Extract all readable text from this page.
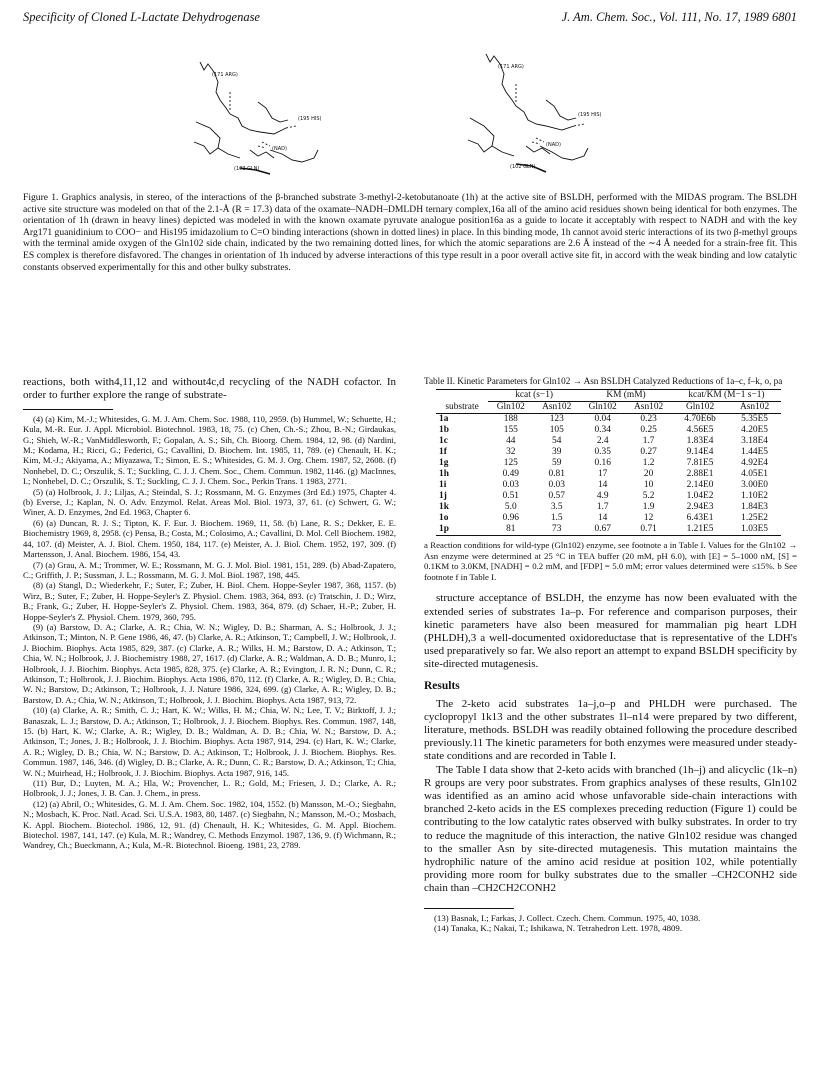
Specificity of Cloned L-Lactate Dehydrogenase	J. Am. Chem. Soc., Vol. 111, No. 17, 1989 6801
(171 ARG)
(195 HIS)
(102 GLN)
(NAD)
(171 ARG)
(195 HIS)
(102 GLN)
(NAD)
Figure 1. Graphics analysis, in stereo, of the interactions of the β-branched substrate 3-methyl-2-ketobutanoate (1h) at the active site of BSLDH, performed with the MIDAS program. The BSLDH active site structure was modeled on that of the 2.1-Å (R = 17.3) data of the oxamate–NADH–DMLDH ternary complex,16a all of the amino acid residues shown being identical for both enzymes. The orientation of 1h (drawn in heavy lines) depicted was modeled in with the known oxamate pyruvate analogue position16a as a guide to locate it acceptably with respect to NADH and with the key Arg171 guanidinium to COO− and His195 imidazolium to C=O binding interactions (shown in dotted lines) in place. In this binding mode, 1h cannot avoid steric interactions of its two β-methyl groups with the terminal amide oxygen of the Gln102 side chain, indicated by the two remaining dotted lines, for which the atomic separations are 2.6 Å instead of the ∼4 Å needed for a strain-free fit. This ES complex is therefore disfavored. The changes in orientation of 1h induced by adverse interactions of this type result in a poor overall active site fit, in accord with the weak binding and low catalytic constants observed experimentally for this and other bulky substrates.

reactions, both with4,11,12 and without4c,d recycling of the NADH cofactor. In order to further explore the range of substrate-

(4) (a) Kim, M.-J.; Whitesides, G. M. J. Am. Chem. Soc. 1988, 110, 2959. (b) Hummel, W.; Schuette, H.; Kula, M.-R. Eur. J. Appl. Microbiol. Biotechnol. 1983, 18, 75. (c) Chen, Ch.-S.; Zhou, B.-N.; Girdaukas, G.; Shieh, W.-R.; VanMiddlesworth, F.; Gopalan, A. S.; Sih, Ch. Bioorg. Chem. 1984, 12, 98. (d) Nardini, M.; Kodama, H.; Ricci, G.; Federici, G.; Cavallini, D. Biochem. Int. 1985, 11, 789. (e) Chenault, H. K.; Kim, M.-J.; Akiyama, A.; Miyazawa, T.; Simon, E. S.; Whitesides, G. M. J. Org. Chem. 1987, 52, 2608. (f) Nonhebel, D. C.; Orszulik, S. T.; Suckling, C. J. J. Chem. Soc., Chem. Commun. 1982, 1146. (g) MacInnes, I.; Nonhebel, D. C.; Orszulik, S. T.; Suckling, C. J. J. Chem. Soc., Perkin Trans. 1 1983, 2771.

(5) (a) Holbrook, J. J.; Liljas, A.; Steindal, S. J.; Rossmann, M. G. Enzymes (3rd Ed.) 1975, Chapter 4. (b) Everse, J.; Kaplan, N. O. Adv. Enzymol. Relat. Areas Mol. Biol. 1973, 37, 61. (c) Schwert, G. W.; Winer, A. D. Enzymes, 2nd Ed. 1963, Chapter 6.

(6) (a) Duncan, R. J. S.; Tipton, K. F. Eur. J. Biochem. 1969, 11, 58. (b) Lane, R. S.; Dekker, E. E. Biochemistry 1969, 8, 2958. (c) Pensa, B.; Costa, M.; Colosimo, A.; Cavallini, D. Mol. Cell Biochem. 1982, 44, 107. (d) Meister, A. J. Biol. Chem. 1950, 184, 117. (e) Meister, A. J. Biol. Chem. 1952, 197, 309. (f) Martensson, J. Anal. Biochem. 1986, 154, 43.

(7) (a) Grau, A. M.; Trommer, W. E.; Rossmann, M. G. J. Mol. Biol. 1981, 151, 289. (b) Abad-Zapatero, C.; Griffith, J. P.; Sussman, J. L.; Rossmann, M. G. J. Mol. Biol. 1987, 198, 445.

(8) (a) Stangl, D.; Wiederkehr, F.; Suter, F.; Zuber, H. Biol. Chem. Hoppe-Seyler 1987, 368, 1157. (b) Wirz, B.; Suter, F.; Zuber, H. Hoppe-Seyler's Z. Physiol. Chem. 1983, 364, 893. (c) Tratschin, J. D.; Wirz, B.; Frank, G.; Zuber, H. Hoppe-Seyler's Z. Physiol. Chem. 1983, 364, 879. (d) Schaer, H.-P.; Zuber, H. Hoppe-Seyler's Z. Physiol. Chem. 1979, 360, 795.

(9) (a) Barstow, D. A.; Clarke, A. R.; Chia, W. N.; Wigley, D. B.; Sharman, A. S.; Holbrook, J. J.; Atkinson, T.; Minton, N. P. Gene 1986, 46, 47. (b) Clarke, A. R.; Atkinson, T.; Campbell, J. W.; Holbrook, J. J. Biochim. Biophys. Acta 1985, 829, 387. (c) Clarke, A. R.; Wilks, H. M.; Barstow, D. A.; Atkinson, T.; Chia, W. N.; Holbrook, J. J. Biochemistry 1988, 27, 1617. (d) Clarke, A. R.; Waldman, A. D. B.; Munro, I.; Holbrook, J. J. Biochim. Biophys. Acta 1985, 828, 375. (e) Clarke, A. R.; Evington, J. R. N.; Dunn, C. R.; Atkinson, T.; Holbrook, J. J. Biochim. Biophys. Acta 1986, 870, 112. (f) Clarke, A. R.; Wigley, D. B.; Chia, W. N.; Barstow, D.; Atkinson, T.; Holbrook, J. J. Nature 1986, 324, 699. (g) Clarke, A. R.; Wigley, D. B.; Barstow, D. A.; Chia, W. N.; Atkinson, T.; Holbrook, J. J. Biochim. Biophys. Acta 1987, 913, 72.

(10) (a) Clarke, A. R.; Smith, C. J.; Hart, K. W.; Wilks, H. M.; Chia, W. N.; Lee, T. V.; Birktoff, J. J.; Banaszak, L. J.; Barstow, D. A.; Atkinson, T.; Holbrook, J. J. Biochem. Biophys. Res. Commun. 1987, 148, 15. (b) Hart, K. W.; Clarke, A. R.; Wigley, D. B.; Waldman, A. D. B.; Chia, W. N.; Barstow, D. A.; Atkinson, T.; Jones, J. B.; Holbrook, J. J. Biochim. Biophys. Acta 1987, 914, 294. (c) Hart, K. W.; Clarke, A. R.; Wigley, D. B.; Chia, W. N.; Barstow, D. A.; Atkinson, T.; Holbrook, J. J. Biochem. Biophys. Res. Commun. 1987, 146, 346. (d) Wigley, D. B.; Clarke, A. R.; Dunn, C. R.; Barstow, D. A.; Atkinson, T.; Chia, W. N.; Muirhead, H.; Holbrook, J. J. Biochim. Biophys. Acta 1987, 916, 145.

(11) Bur, D.; Luyten, M. A.; Hla, W.; Provencher, L. R.; Gold, M.; Friesen, J. D.; Clarke, A. R.; Holbrook, J. J.; Jones, J. B. Can. J. Chem., in press.

(12) (a) Abril, O.; Whitesides, G. M. J. Am. Chem. Soc. 1982, 104, 1552. (b) Mansson, M.-O.; Siegbahn, N.; Mosbach, K. Proc. Natl. Acad. Sci. U.S.A. 1983, 80, 1487. (c) Siegbahn, N.; Mansson, M.-O.; Mosbach, K. Appl. Biochem. Biotechol. 1986, 12, 91. (d) Chenault, H. K.; Whitesides, G. M. Appl. Biochem. Biotechol. 1987, 141, 147. (e) Kula, M. R.; Wandrey, C. Methods Enzymol. 1987, 136, 9. (f) Wichmann, R.; Wandrey, Ch.; Bueckmann, A.; Kula, M.-R. Biotechnol. Bioeng. 1981, 23, 2789.

Table II. Kinetic Parameters for Gln102 → Asn BSLDH Catalyzed Reductions of 1a–c, f–k, o, pa

	kcat (s−1)		KM (mM)		kcat/KM (M−1 s−1)	
substrate	Gln102	Asn102	Gln102	Asn102	Gln102	Asn102
1a	188	123	0.04	0.23	4.70E6b	5.35E5
1b	155	105	0.34	0.25	4.56E5	4.20E5
1c	44	54	2.4	1.7	1.83E4	3.18E4
1f	32	39	0.35	0.27	9.14E4	1.44E5
1g	125	59	0.16	1.2	7.81E5	4.92E4
1h	0.49	0.81	17	20	2.88E1	4.05E1
1i	0.03	0.03	14	10	2.14E0	3.00E0
1j	0.51	0.57	4.9	5.2	1.04E2	1.10E2
1k	5.0	3.5	1.7	1.9	2.94E3	1.84E3
1o	0.96	1.5	14	12	6.43E1	1.25E2
1p	81	73	0.67	0.71	1.21E5	1.03E5
a Reaction conditions for wild-type (Gln102) enzyme, see footnote a in Table I. Values for the Gln102 → Asn enzyme were determined at 25 °C in TEA buffer (20 mM, pH 6.0), with [E] = 5–1000 nM, [S] = 0.1KM to 3.0KM, [NADH] = 0.2 mM, and [FDP] = 5.0 mM; error values determined were ≤15%. b See footnote f in Table I.

structure acceptance of BSLDH, the enzyme has now been evaluated with the extended series of substrates 1a–p. For reference and comparison purposes, their kinetic parameters have also been measured for mammalian pig heart LDH (PHLDH),3 a well-documented oxidoreductase that is representative of the LDH's used preparatively so far. We also report an attempt to expand BSLDH specificity by site-directed mutagenesis.

Results

The 2-keto acid substrates 1a–j,o–p and PHLDH were purchased. The cyclopropyl 1k13 and the other substrates 1l–n14 were prepared by two different, literature, methods. BSLDH was readily obtained following the procedure described previously.11 The kinetic parameters for both enzymes were measured under steady-state conditions and are recorded in Table I.

The Table I data show that 2-keto acids with branched (1h–j) and alicyclic (1k–n) R groups are very poor substrates. From graphics analyses of these results, Gln102 was identified as an amino acid whose unfavorable side-chain interactions with branched 2-keto acids in the ES complexes preceding reduction (Figure 1) could be contributing to the low catalytic rates observed with bulky substrates. In order to try to reduce the magnitude of this interaction, the native Gln102 residue was changed to the smaller Asn by site-directed mutagenesis. This mutation maintains the hydrophilic nature of the amino acid residue at position 102, while potentially providing more room for bulky substrates due to the smaller –CH2CONH2 side chain than –CH2CH2CONH2

(13) Basnak, I.; Farkas, J. Collect. Czech. Chem. Commun. 1975, 40, 1038.

(14) Tanaka, K.; Nakai, T.; Ishikawa, N. Tetrahedron Lett. 1978, 4809.
